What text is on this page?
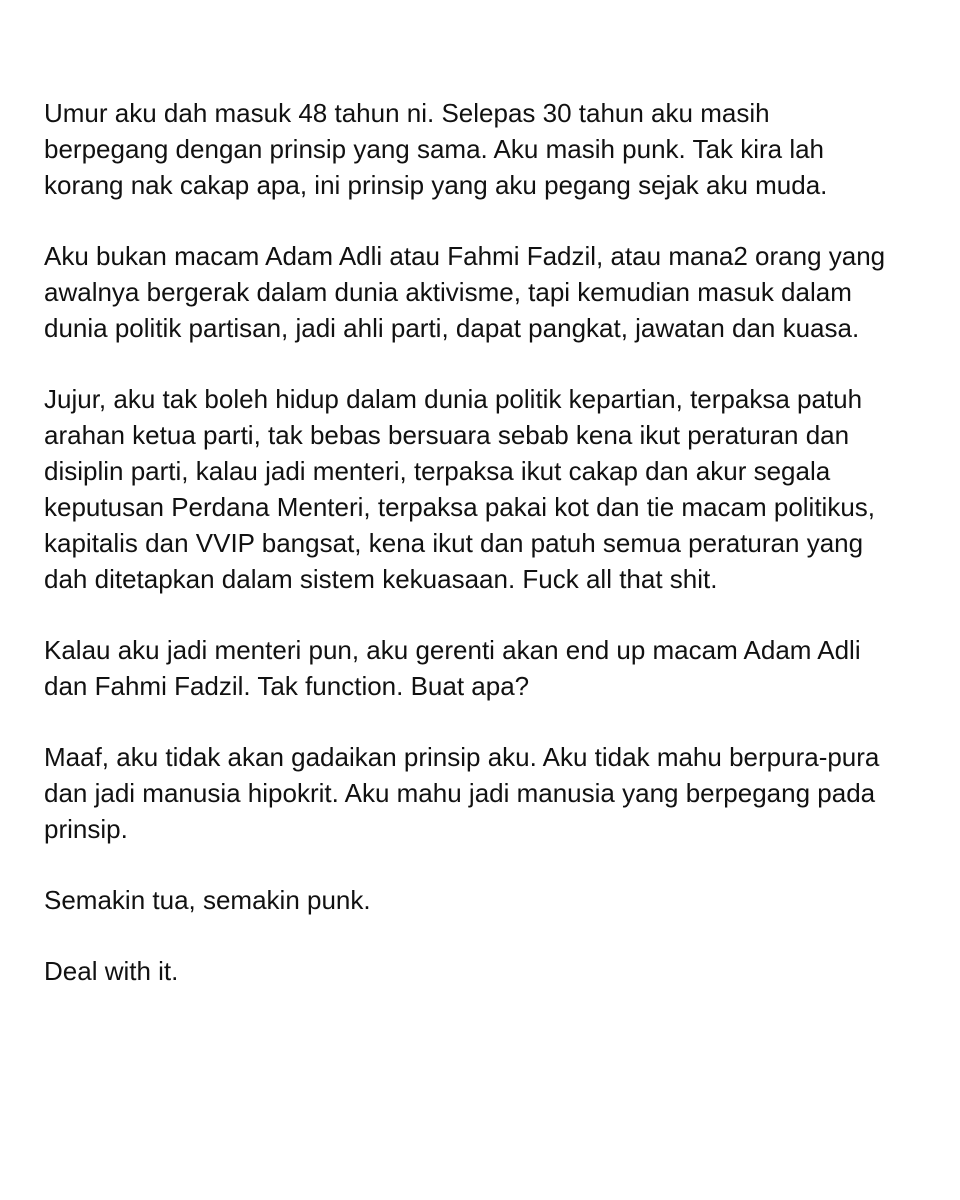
Umur aku dah masuk 48 tahun ni. Selepas 30 tahun aku masih
berpegang dengan prinsip yang sama. Aku masih punk. Tak kira lah
korang nak cakap apa, ini prinsip yang aku pegang sejak aku muda.

Aku bukan macam Adam Adli atau Fahmi Fadzil, atau mana2 orang yang
awalnya bergerak dalam dunia aktivisme, tapi kemudian masuk dalam
dunia politik partisan, jadi ahli parti, dapat pangkat, jawatan dan kuasa.

Jujur, aku tak boleh hidup dalam dunia politik kepartian, terpaksa patuh
arahan ketua parti, tak bebas bersuara sebab kena ikut peraturan dan
disiplin parti, kalau jadi menteri, terpaksa ikut cakap dan akur segala
keputusan Perdana Menteri, terpaksa pakai kot dan tie macam politikus,
kapitalis dan VVIP bangsat, kena ikut dan patuh semua peraturan yang
dah ditetapkan dalam sistem kekuasaan. Fuck all that shit.

Kalau aku jadi menteri pun, aku gerenti akan end up macam Adam Adli
dan Fahmi Fadzil. Tak function. Buat apa?

Maaf, aku tidak akan gadaikan prinsip aku. Aku tidak mahu berpura-pura
dan jadi manusia hipokrit. Aku mahu jadi manusia yang berpegang pada
prinsip.

Semakin tua, semakin punk.

Deal with it.
